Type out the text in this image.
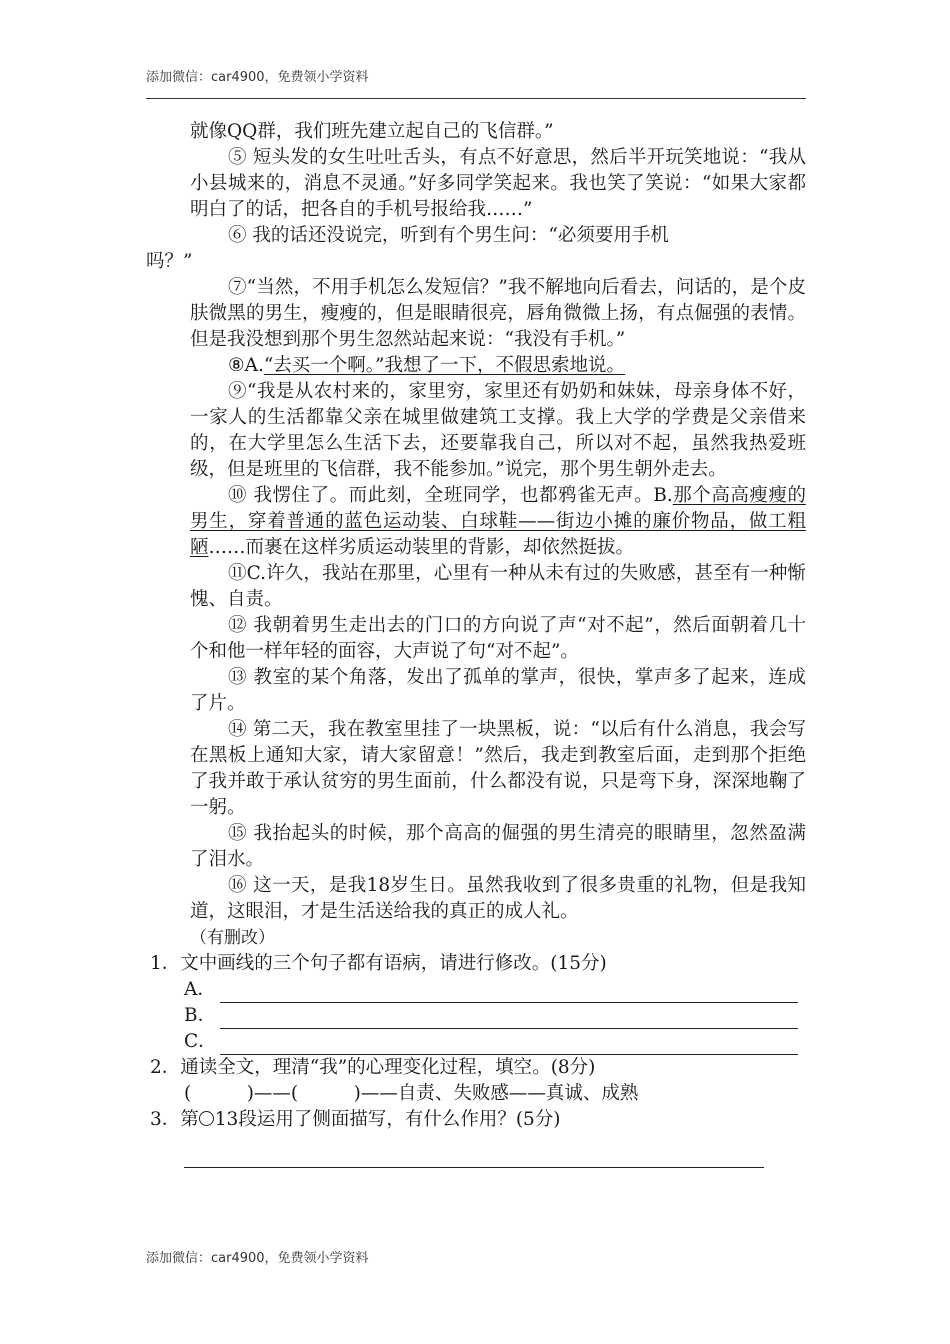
添加微信：car4900，免费领小学资料

就像QQ群，我们班先建立起自己的飞信群。”

⑤ 短头发的女生吐吐舌头，有点不好意思，然后半开玩笑地说：“我从小县城来的，消息不灵通。”好多同学笑起来。我也笑了笑说：“如果大家都明白了的话，把各自的手机号报给我……”

⑥ 我的话还没说完，听到有个男生问：“必须要用手机

吗？”

⑦“当然，不用手机怎么发短信？”我不解地向后看去，问话的，是个皮肤微黑的男生，瘦瘦的，但是眼睛很亮，唇角微微上扬，有点倔强的表情。但是我没想到那个男生忽然站起来说：“我没有手机。”

⑧A.“去买一个啊。”我想了一下，不假思索地说。

⑨“我是从农村来的，家里穷，家里还有奶奶和妹妹，母亲身体不好，一家人的生活都靠父亲在城里做建筑工支撑。我上大学的学费是父亲借来的，在大学里怎么生活下去，还要靠我自己，所以对不起，虽然我热爱班级，但是班里的飞信群，我不能参加。”说完，那个男生朝外走去。

⑩ 我愣住了。而此刻，全班同学，也都鸦雀无声。B.那个高高瘦瘦的男生，穿着普通的蓝色运动装、白球鞋——街边小摊的廉价物品，做工粗陋……而裹在这样劣质运动装里的背影，却依然挺拔。

⑪C.许久，我站在那里，心里有一种从未有过的失败感，甚至有一种惭愧、自责。

⑫ 我朝着男生走出去的门口的方向说了声“对不起”，然后面朝着几十个和他一样年轻的面容，大声说了句“对不起”。

⑬ 教室的某个角落，发出了孤单的掌声，很快，掌声多了起来，连成了片。

⑭ 第二天，我在教室里挂了一块黑板，说：“以后有什么消息，我会写在黑板上通知大家，请大家留意！”然后，我走到教室后面，走到那个拒绝了我并敢于承认贫穷的男生面前，什么都没有说，只是弯下身，深深地鞠了一躬。

⑮ 我抬起头的时候，那个高高的倔强的男生清亮的眼睛里，忽然盈满了泪水。

⑯ 这一天，是我18岁生日。虽然我收到了很多贵重的礼物，但是我知道，这眼泪，才是生活送给我的真正的成人礼。

（有删改）

1．文中画线的三个句子都有语病，请进行修改。(15分)
A．
B．
C．
2．通读全文，理清“我”的心理变化过程，填空。(8分)
(　　　)——(　　　)——自责、失败感——真诚、成熟
3．第 13段运用了侧面描写，有什么作用？(5分)
添加微信：car4900，免费领小学资料
